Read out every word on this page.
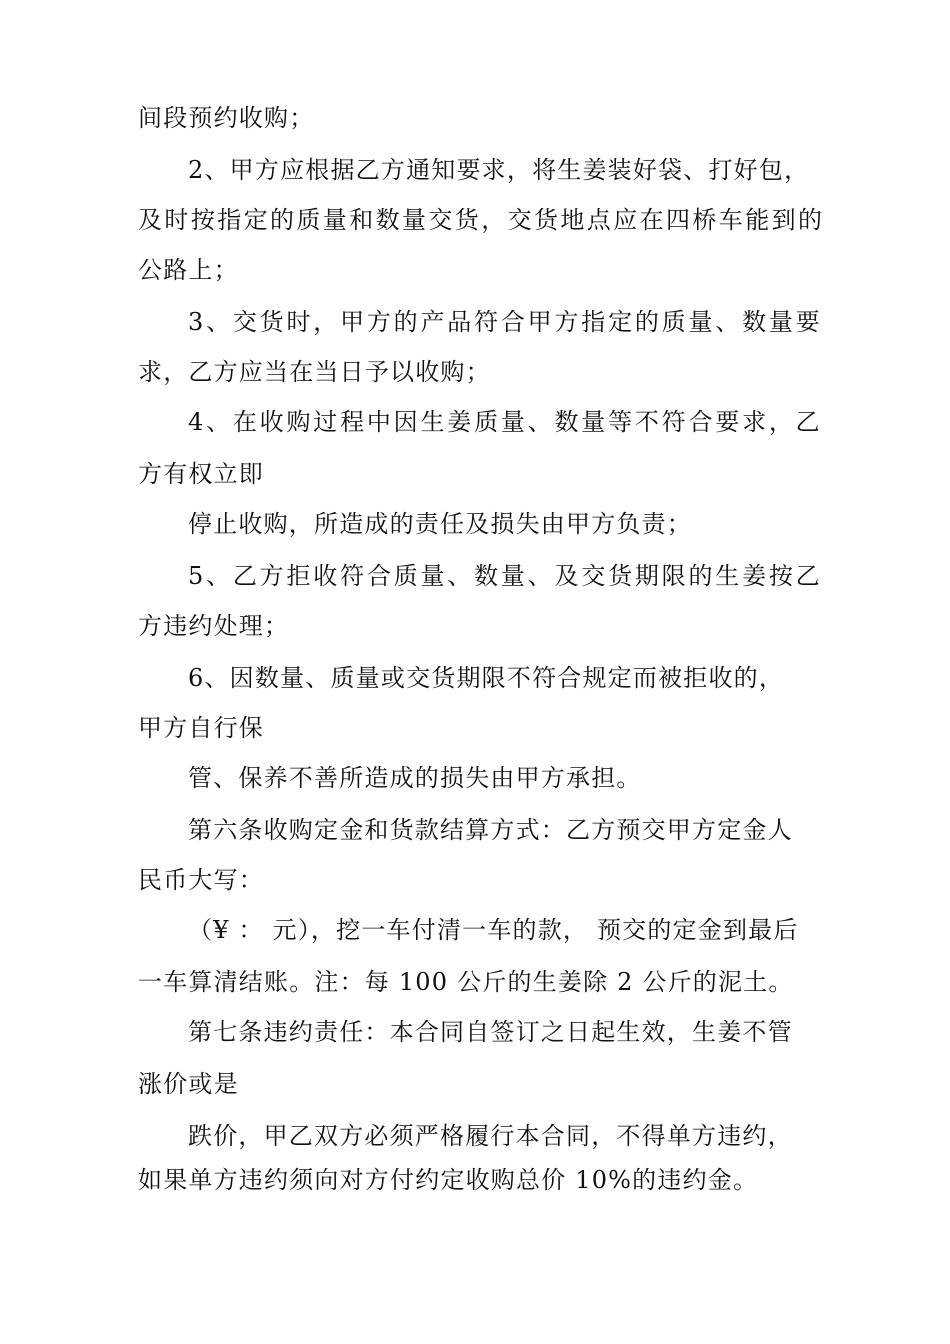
间段预约收购；
2、甲方应根据乙方通知要求，将生姜装好袋、打好包，
及时按指定的质量和数量交货，交货地点应在四桥车能到的
公路上；
3、交货时，甲方的产品符合甲方指定的质量、数量要
求，乙方应当在当日予以收购；
4、在收购过程中因生姜质量、数量等不符合要求，乙
方有权立即
停止收购，所造成的责任及损失由甲方负责；
5、乙方拒收符合质量、数量、及交货期限的生姜按乙
方违约处理；
6、因数量、质量或交货期限不符合规定而被拒收的，
甲方自行保
管、保养不善所造成的损失由甲方承担。
第六条收购定金和货款结算方式：乙方预交甲方定金人
民币大写：
（¥ ： 元），挖一车付清一车的款， 预交的定金到最后
一车算清结账。注：每 100 公斤的生姜除 2 公斤的泥土。
第七条违约责任：本合同自签订之日起生效，生姜不管
涨价或是
跌价，甲乙双方必须严格履行本合同，不得单方违约，
如果单方违约须向对方付约定收购总价 10%的违约金。
